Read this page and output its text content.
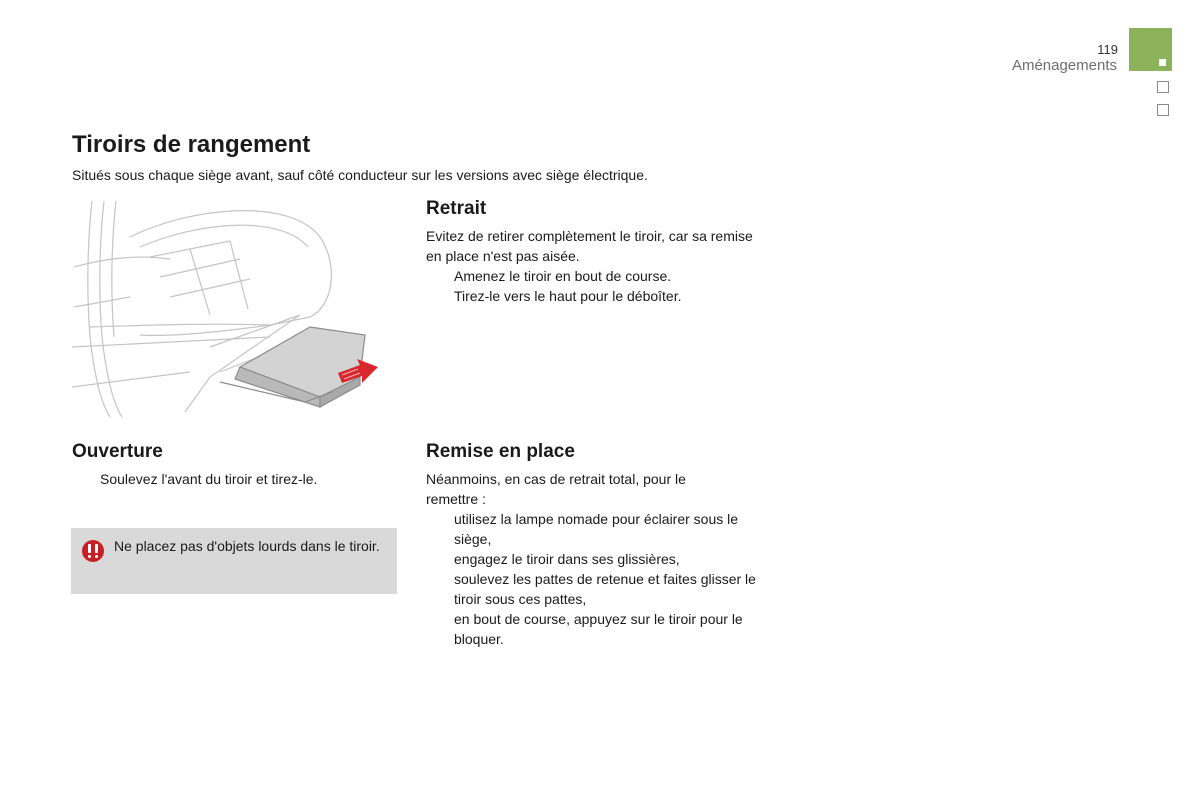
119
Aménagements
Tiroirs de rangement
Situés sous chaque siège avant, sauf côté conducteur sur les versions avec siège électrique.
Retrait
Evitez de retirer complètement le tiroir, car sa remise en place n'est pas aisée.
Amenez le tiroir en bout de course.
Tirez-le vers le haut pour le déboîter.
Ouverture
Soulevez l'avant du tiroir et tirez-le.
Ne placez pas d'objets lourds dans le tiroir.
Remise en place
Néanmoins, en cas de retrait total, pour le remettre :
utilisez la lampe nomade pour éclairer sous le siège,
engagez le tiroir dans ses glissières,
soulevez les pattes de retenue et faites glisser le tiroir sous ces pattes,
en bout de course, appuyez sur le tiroir pour le bloquer.
